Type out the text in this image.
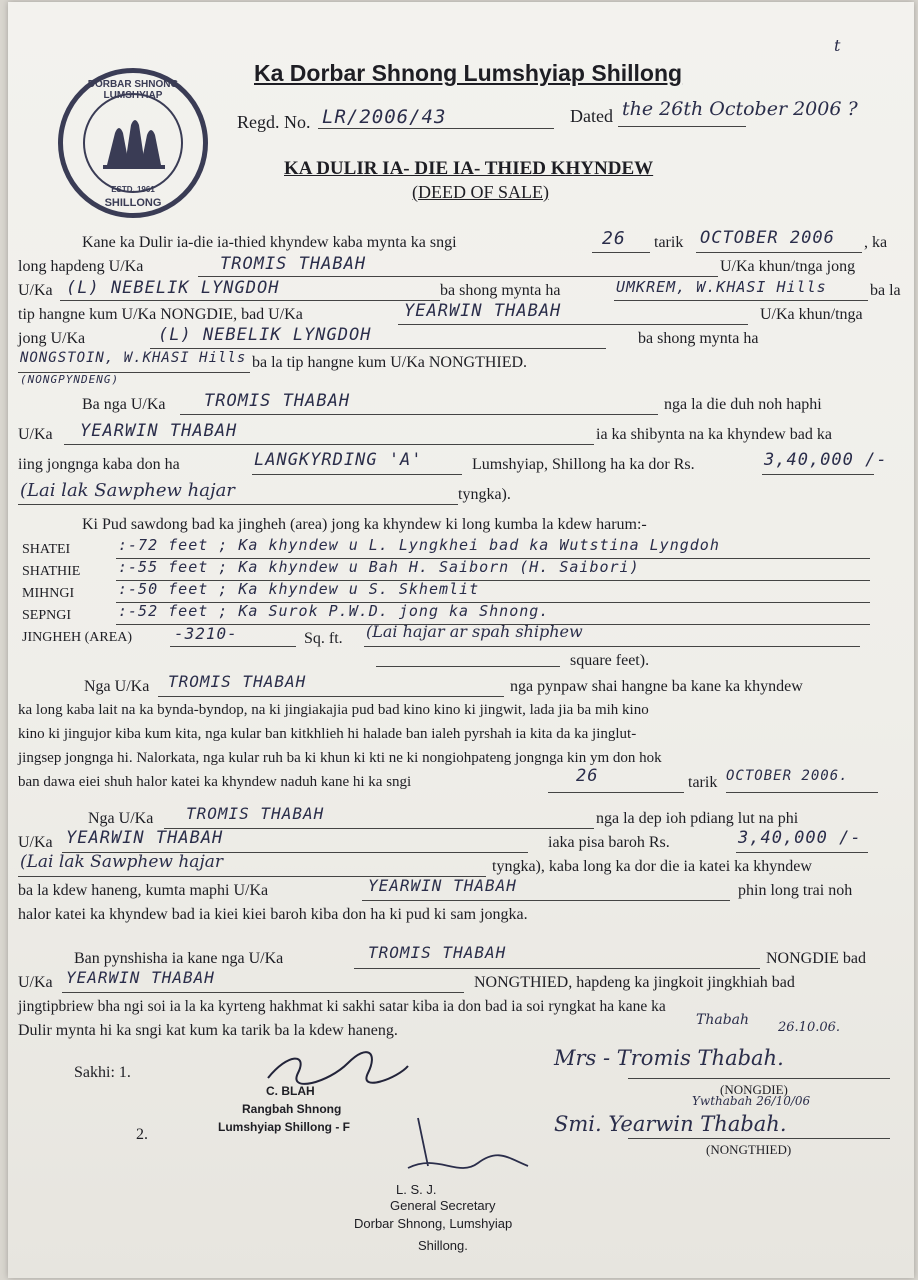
t
DORBAR SHNONG LUMSHYIAP
ESTD. 1961
SHILLONG
Ka Dorbar Shnong Lumshyiap Shillong
Regd. No. LR/2006/43	Dated the 26th October 2006 ?
KA DULIR IA- DIE IA- THIED KHYNDEW
(DEED OF SALE)
Kane ka Dulir ia-die ia-thied khyndew kaba mynta ka sngi	26 tarik OCTOBER 2006 , ka
long hapdeng U/Ka	TROMIS THABAH	U/Ka khun/tnga jong
U/Ka (L) NEBELIK LYNGDOH	ba shong mynta ha	UMKREM, W.KHASI Hills	ba la
tip hangne kum U/Ka NONGDIE, bad U/Ka	YEARWIN THABAH	U/Ka khun/tnga
jong U/Ka	(L) NEBELIK LYNGDOH	ba shong mynta ha
NONGSTOIN, W.KHASI Hills ba la tip hangne kum U/Ka NONGTHIED.
(NONGPYNDENG)
Ba nga U/Ka TROMIS THABAH	nga la die duh noh haphi
U/Ka YEARWIN THABAH	ia ka shibynta na ka khyndew bad ka
iing jongnga kaba don ha	LANGKYRDING 'A'	Lumshyiap, Shillong ha ka dor Rs.	3,40,000 /-
(Lai lak Sawphew hajar	tyngka).
Ki Pud sawdong bad ka jingheh (area) jong ka khyndew ki long kumba la kdew harum:-
SHATEI	:-72 feet ; Ka khyndew u L. Lyngkhei bad ka Wutstina Lyngdoh
SHATHIE	:-55 feet ; Ka khyndew u Bah H. Saiborn (H. Saibori)
MIHNGI	:-50 feet ; Ka khyndew u S. Skhemlit
SEPNGI	:-52 feet ; Ka Surok P.W.D. jong ka Shnong.
JINGHEH (AREA)	-3210-	Sq. ft. (Lai hajar ar spah shiphew
square feet).
Nga U/Ka TROMIS THABAH	nga pynpaw shai hangne ba kane ka khyndew
ka long kaba lait na ka bynda-byndop, na ki jingiakajia pud bad kino kino ki jingwit, lada jia ba mih kino
kino ki jingujor kiba kum kita, nga kular ban kitkhlieh hi halade ban ialeh pyrshah ia kita da ka jinglut-
jingsep jongnga hi. Nalorkata, nga kular ruh ba ki khun ki kti ne ki nongiohpateng jongnga kin ym don hok
ban dawa eiei shuh halor katei ka khyndew naduh kane hi ka sngi	26	tarik OCTOBER 2006.
Nga U/Ka TROMIS THABAH	nga la dep ioh pdiang lut na phi
U/Ka YEARWIN THABAH	iaka pisa baroh Rs.	3,40,000 /-
(Lai lak Sawphew hajar	tyngka), kaba long ka dor die ia katei ka khyndew
ba la kdew haneng, kumta maphi U/Ka	YEARWIN THABAH	phin long trai noh
halor katei ka khyndew bad ia kiei kiei baroh kiba don ha ki pud ki sam jongka.
Ban pynshisha ia kane nga U/Ka	TROMIS THABAH	NONGDIE bad
U/Ka YEARWIN THABAH	NONGTHIED, hapdeng ka jingkoit jingkhiah bad
jingtipbriew bha ngi soi ia la ka kyrteng hakhmat ki sakhi satar kiba ia don bad ia soi ryngkat ha kane ka
Dulir mynta hi ka sngi kat kum ka tarik ba la kdew haneng.
Sakhi: 1.
2.
C. BLAH
Rangbah Shnong
Lumshyiap Shillong - F
L. S. J.
General Secretary
Dorbar Shnong, Lumshyiap
Shillong.
Thabah 26.10.06.
Mrs - Tromis Thabah.
(NONGDIE)
Ywthabah 26/10/06
Smi. Yearwin Thabah.
(NONGTHIED)
